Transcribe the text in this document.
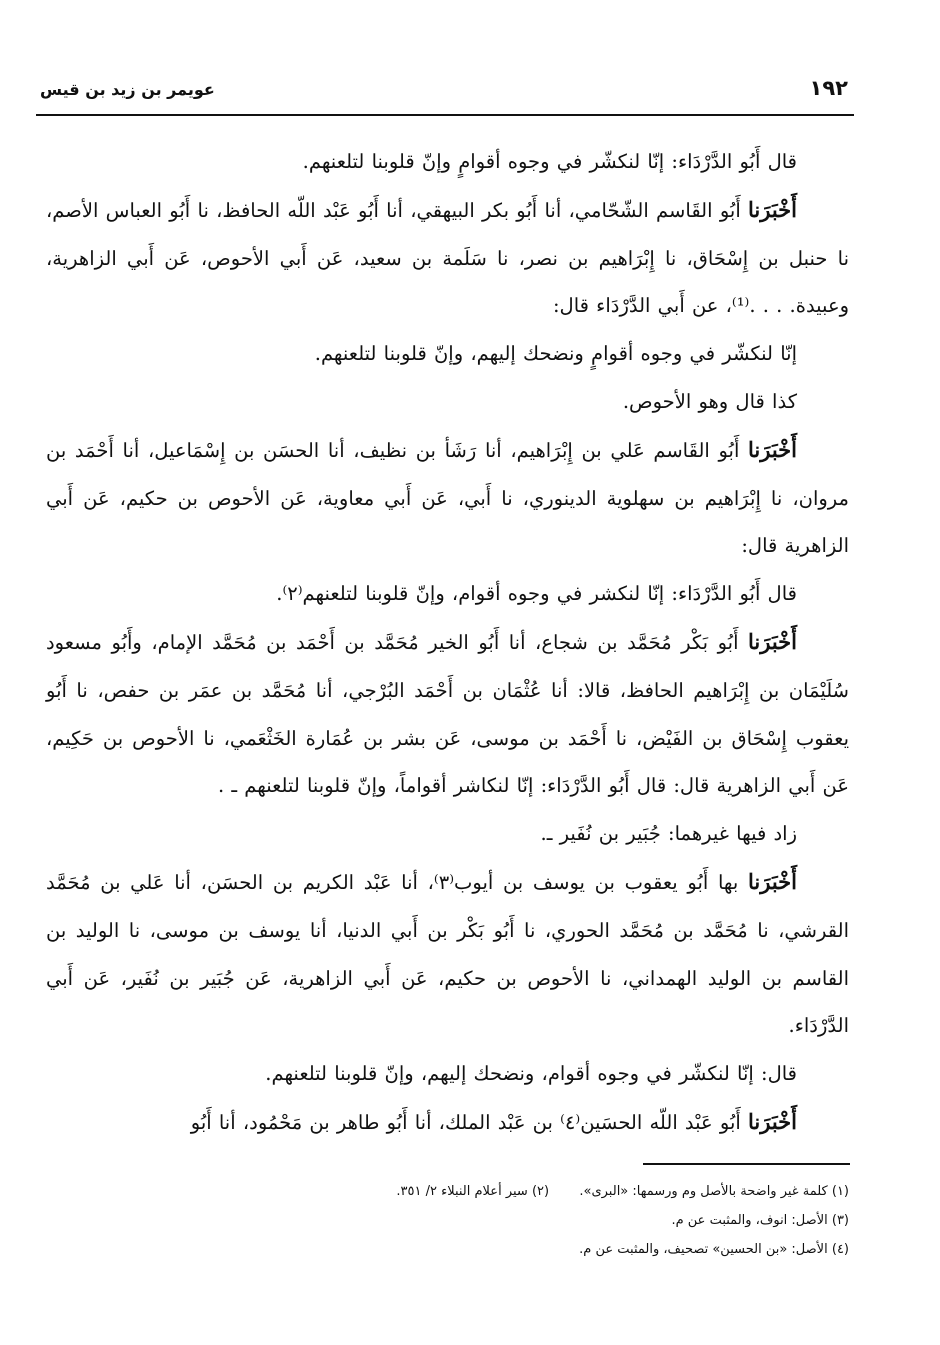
١٩٢
عويمر بن زيد بن قيس

قال أَبُو الدَّرْدَاء: إنّا لنكشّر في وجوه أقوامٍ وإنّ قلوبنا لتلعنهم.

أَخْبَرَنا أَبُو القَاسم الشّحّامي، أنا أَبُو بكر البيهقي، أنا أَبُو عَبْد اللّه الحافظ، نا أَبُو العباس الأصم، نا حنبل بن إِسْحَاق، نا إِبْرَاهيم بن نصر، نا سَلَمة بن سعيد، عَن أَبي الأحوص، عَن أَبي الزاهرية، وعبيدة. . . .⁽¹⁾، عن أَبي الدَّرْدَاء قال:

إنّا لنكشّر في وجوه أقوامٍ ونضحك إليهم، وإنّ قلوبنا لتلعنهم.

كذا قال وهو الأحوص.

أَخْبَرَنا أَبُو القَاسم عَلي بن إِبْرَاهيم، أنا رَشَأ بن نظيف، أنا الحسَن بن إِسْمَاعيل، أنا أَحْمَد بن مروان، نا إِبْرَاهيم بن سهلوية الدينوري، نا أَبي، عَن أَبي معاوية، عَن الأحوص بن حكيم، عَن أَبي الزاهرية قال:

قال أَبُو الدَّرْدَاء: إنّا لنكشر في وجوه أقوام، وإنّ قلوبنا لتلعنهم⁽٢⁾.

أَخْبَرَنا أَبُو بَكْر مُحَمَّد بن شجاع، أنا أَبُو الخير مُحَمَّد بن أَحْمَد بن مُحَمَّد الإمام، وأَبُو مسعود سُلَيْمَان بن إِبْرَاهيم الحافظ، قالا: أنا عُثْمَان بن أَحْمَد البُرْجي، أنا مُحَمَّد بن عمَر بن حفص، نا أَبُو يعقوب إِسْحَاق بن الفَيْض، نا أَحْمَد بن موسى، عَن بشر بن عُمَارة الخَثْعَمي، نا الأحوص بن حَكِيم، عَن أَبي الزاهرية قال: قال أَبُو الدَّرْدَاء: إنّا لنكاشر أقواماً، وإنّ قلوبنا لتلعنهم ـ .

زاد فيها غيرهما: جُبَير بن نُفَير ـ.

أَخْبَرَنا بها أَبُو يعقوب بن يوسف بن أيوب⁽٣⁾، أنا عَبْد الكريم بن الحسَن، أنا عَلي بن مُحَمَّد القرشي، نا مُحَمَّد بن مُحَمَّد الحوري، نا أَبُو بَكْر بن أَبي الدنيا، أنا يوسف بن موسى، نا الوليد بن القاسم بن الوليد الهمداني، نا الأحوص بن حكيم، عَن أَبي الزاهرية، عَن جُبَير بن نُفَير، عَن أَبي الدَّرْدَاء.

قال: إنّا لنكشّر في وجوه أقوام، ونضحك إليهم، وإنّ قلوبنا لتلعنهم.

أَخْبَرَنا أَبُو عَبْد اللّه الحسَين⁽٤⁾ بن عَبْد الملك، أنا أَبُو طاهر بن مَحْمُود، أنا أَبُو

(١) كلمة غير واضحة بالأصل وم ورسمها: «البرى».  (٢) سير أعلام النبلاء ٢/ ٣٥١.

(٣) الأصل: انوف، والمثبت عن م.

(٤) الأصل: «بن الحسين» تصحيف، والمثبت عن م.
